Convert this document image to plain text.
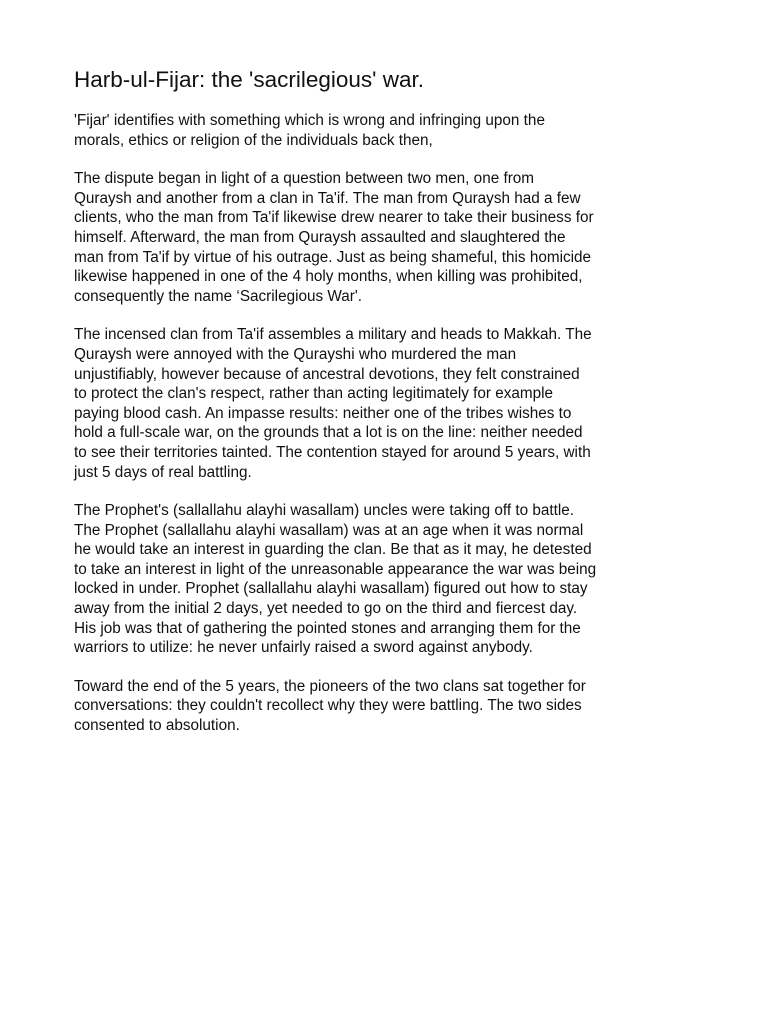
Harb-ul-Fijar: the 'sacrilegious' war.

'Fijar' identifies with something which is wrong and infringing upon the
morals, ethics or religion of the individuals back then,

The dispute began in light of a question between two men, one from
Quraysh and another from a clan in Ta'if. The man from Quraysh had a few
clients, who the man from Ta'if likewise drew nearer to take their business for
himself. Afterward, the man from Quraysh assaulted and slaughtered the
man from Ta'if by virtue of his outrage. Just as being shameful, this homicide
likewise happened in one of the 4 holy months, when killing was prohibited,
consequently the name ‘Sacrilegious War'.

The incensed clan from Ta'if assembles a military and heads to Makkah. The
Quraysh were annoyed with the Qurayshi who murdered the man
unjustifiably, however because of ancestral devotions, they felt constrained
to protect the clan's respect, rather than acting legitimately for example
paying blood cash. An impasse results: neither one of the tribes wishes to
hold a full-scale war, on the grounds that a lot is on the line: neither needed
to see their territories tainted. The contention stayed for around 5 years, with
just 5 days of real battling.

The Prophet's (sallallahu alayhi wasallam) uncles were taking off to battle.
The Prophet (sallallahu alayhi wasallam) was at an age when it was normal
he would take an interest in guarding the clan. Be that as it may, he detested
to take an interest in light of the unreasonable appearance the war was being
locked in under. Prophet (sallallahu alayhi wasallam) figured out how to stay
away from the initial 2 days, yet needed to go on the third and fiercest day.
His job was that of gathering the pointed stones and arranging them for the
warriors to utilize: he never unfairly raised a sword against anybody.

Toward the end of the 5 years, the pioneers of the two clans sat together for
conversations: they couldn't recollect why they were battling. The two sides
consented to absolution.
